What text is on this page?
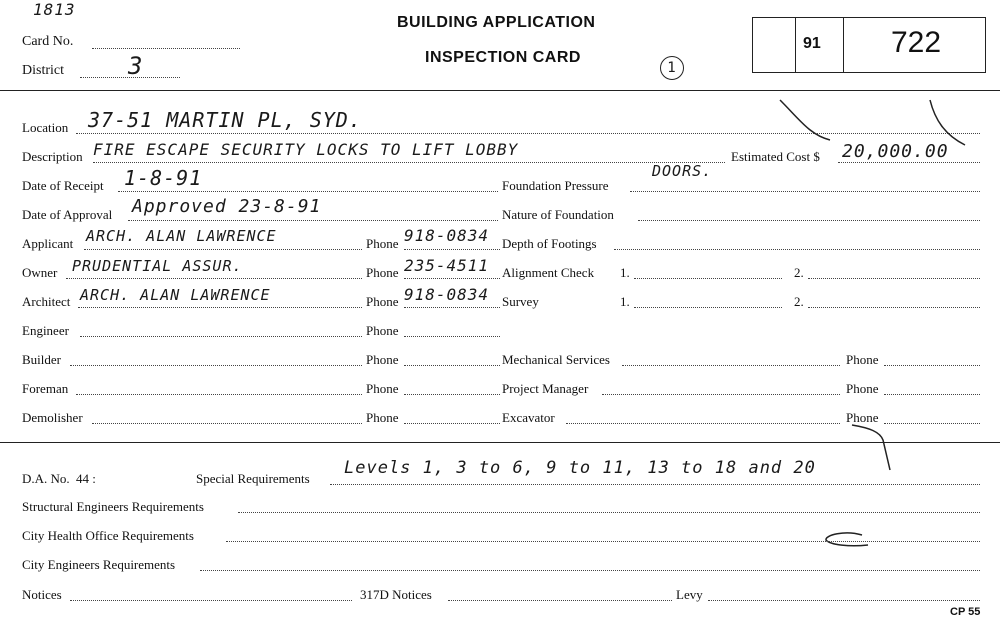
1813
Card No.
District	3
BUILDING APPLICATION
INSPECTION CARD
1
91 722
Location 37-51 MARTIN PL, SYD.
Description FIRE ESCAPE SECURITY LOCKS TO LIFT LOBBY
DOORS.
Estimated Cost $ 20,000.00
Date of Receipt 1-8-91
Date of Approval Approved 23-8-91
Applicant ARCH. ALAN LAWRENCE	Phone 918-0834
Owner PRUDENTIAL ASSUR.	Phone 235-4511
Architect ARCH. ALAN LAWRENCE	Phone 918-0834
Engineer	Phone
Builder	Phone
Foreman	Phone
Demolisher	Phone
Foundation Pressure
Nature of Foundation
Depth of Footings
Alignment Check 1.	2.
Survey	1.	2.
Mechanical Services	Phone
Project Manager	Phone
Excavator	Phone
D.A. No. 44 :	Special Requirements
Levels 1, 3 to 6, 9 to 11, 13 to 18 and 20
Structural Engineers Requirements
City Health Office Requirements
City Engineers Requirements
Notices	317D Notices	Levy
CP 55
